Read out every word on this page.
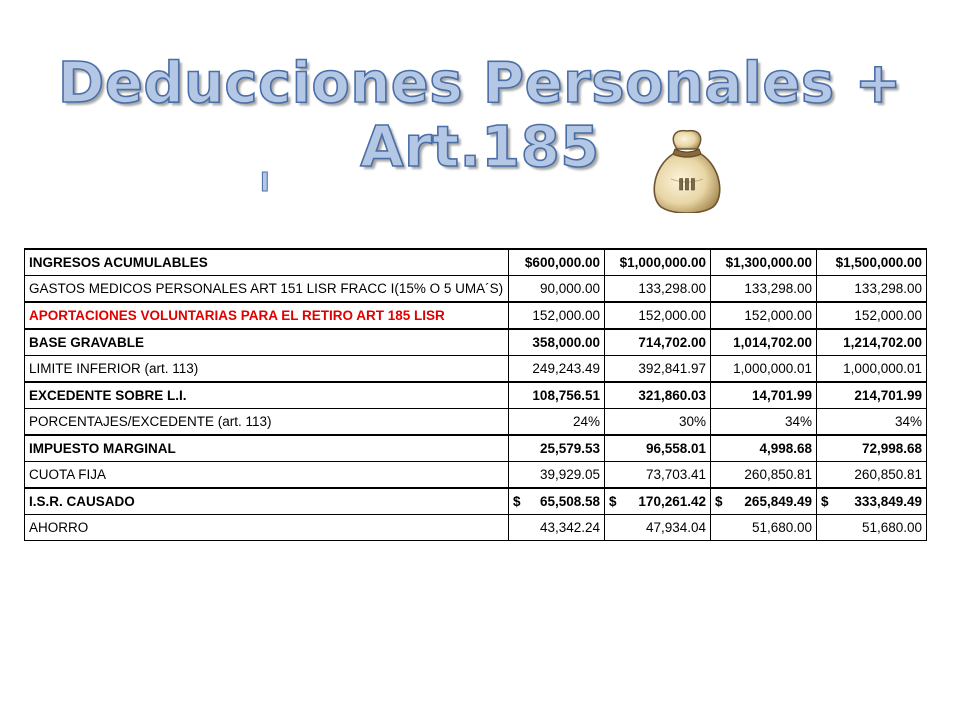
Deducciones Personales +
Art.185
I	III
INGRESOS ACUMULABLES	$600,000.00	$1,000,000.00	$1,300,000.00	$1,500,000.00
GASTOS MEDICOS PERSONALES ART 151 LISR FRACC I(15% O 5 UMA´S)	90,000.00	133,298.00	133,298.00	133,298.00
APORTACIONES VOLUNTARIAS PARA EL RETIRO ART 185 LISR	152,000.00	152,000.00	152,000.00	152,000.00
BASE GRAVABLE	358,000.00	714,702.00	1,014,702.00	1,214,702.00
LIMITE INFERIOR (art. 113)	249,243.49	392,841.97	1,000,000.01	1,000,000.01
EXCEDENTE SOBRE L.I.	108,756.51	321,860.03	14,701.99	214,701.99
PORCENTAJES/EXCEDENTE (art. 113)	24%	30%	34%	34%
IMPUESTO MARGINAL	25,579.53	96,558.01	4,998.68	72,998.68
CUOTA FIJA	39,929.05	73,703.41	260,850.81	260,850.81
I.S.R. CAUSADO	$ 65,508.58	$ 170,261.42	$ 265,849.49	$ 333,849.49

AHORRO	43,342.24	47,934.04	51,680.00	51,680.00
